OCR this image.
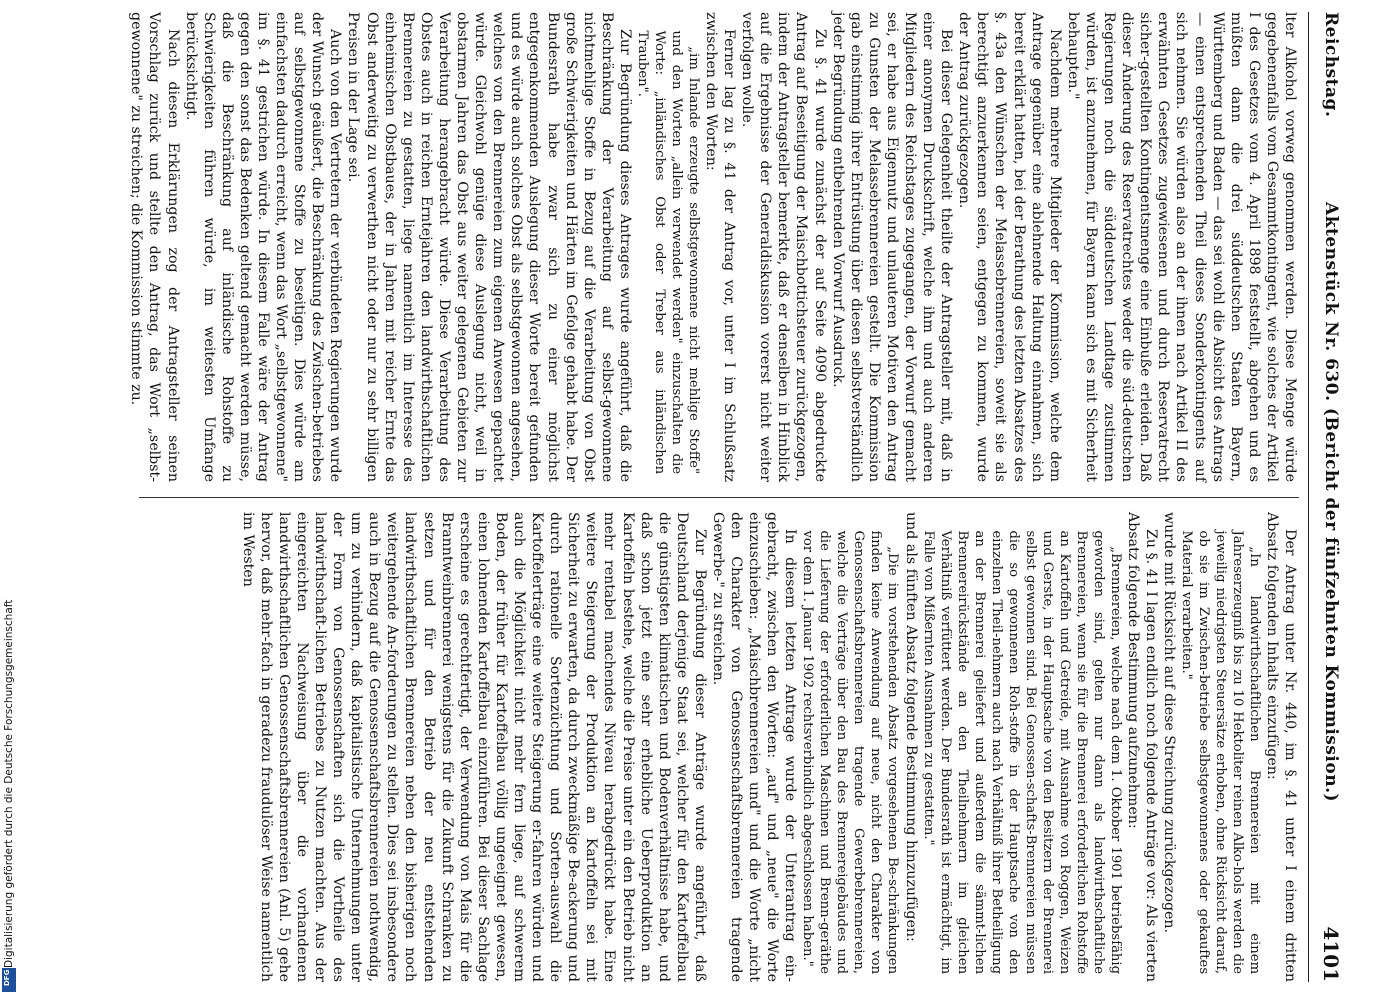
DFG
Digitalisierung gefördert durch die Deutsche Forschungsgemeinschaft
Reichstag.
Aktenstück Nr. 630. (Bericht der fünfzehnten Kommission.)
4101

lter Alkohol vorweg genommen werden. Diese Menge würde gegebenenfalls vom Gesammtkontingent, wie solches der Artikel I des Gesetzes vom 4. April 1898 feststellt, abgehen und es müßten dann die drei süddeutschen Staaten Bayern, Württemberg und Baden — das sei wohl die Absicht des Antrags — einen entsprechenden Theil dieses Sonderkontingents auf sich nehmen. Sie würden also an der ihnen nach Artikel II des erwähnten Gesetzes zugewiesenen und durch Reservatrecht sicher-gestellten Kontingentsmenge eine Einbuße erleiden. Daß dieser Änderung des Reservatrechtes weder die süd-deutschen Regierungen noch die süddeutschen Landtage zustimmen würden, ist anzunehmen, für Bayern kann sich es mit Sicherheit behaupten."

Nachdem mehrere Mitglieder der Kommission, welche dem Antrage gegenüber eine ablehnende Haltung einnahmen, sich bereit erklärt hatten, bei der Berathung des letzten Absatzes des §. 43a den Wünschen der Melassebrennereien, soweit sie als berechtigt anzuerkennen seien, entgegen zu kommen, wurde der Antrag zurückgezogen.

Bei dieser Gelegenheit theilte der Antragsteller mit, daß in einer anonymen Druckschrift, welche ihm und auch anderen Mitgliedern des Reichstages zugegangen, der Vorwurf gemacht sei, er habe aus Eigennutz und unlauteren Motiven den Antrag zu Gunsten der Melassebrennereien gestellt. Die Kommission gab einstimmig ihrer Entrüstung über diesen selbstverständlich jeder Begründung entbehrenden Vorwurf Ausdruck.

Zu §. 41 wurde zunächst der auf Seite 4090 abgedruckte Antrag auf Beseitigung der Maischbottichsteuer zurückgezogen, indem der Antragsteller bemerkte, daß er denselben in Hinblick auf die Ergebnisse der Generaldiskussion vorerst nicht weiter verfolgen wolle.

Ferner lag zu §. 41 der Antrag vor, unter I im Schlußsatz zwischen den Worten:

„im Inlande erzeugte selbstgewonnene nicht mehlige Stoffe" und den Worten „allein verwendet werden" einzuschalten die Worte: „inländisches Obst oder Treber aus inländischen Trauben".

Zur Begründung dieses Antrages wurde angeführt, daß die Beschränkung der Verarbeitung auf selbst-gewonnene nichtmehlige Stoffe in Bezug auf die Verarbeitung von Obst große Schwierigkeiten und Härten im Gefolge gehabt habe. Der Bundesrath habe zwar sich zu einer möglichst entgegenkommenden Auslegung dieser Worte bereit gefunden und es würde auch solches Obst als selbstgewonnen angesehen, welches von den Brennereien zum eigenen Anwesen gepachtet würde. Gleichwohl genüge diese Auslegung nicht, weil in obstarmen Jahren das Obst aus weiter gelegenen Gebieten zur Verarbeitung herangebracht würde. Diese Verarbeitung des Obstes auch in reichen Erntejahren den landwirthschaftlichen Brennereien zu gestatten, liege namentlich im Interesse des einheimischen Obstbaues, der in Jahren mit reicher Ernte das Obst anderweitig zu verwerthen nicht oder nur zu sehr billigen Preisen in der Lage sei.

Auch von den Vertretern der verbündeten Regierungen wurde der Wunsch geäußert, die Beschränkung des Zwischen-betriebes auf selbstgewonnene Stoffe zu beseitigen. Dies würde am einfachsten dadurch erreicht, wenn das Wort „selbstgewonnene" im §. 41 gestrichen würde. In diesem Falle wäre der Antrag gegen den sonst das Bedenken geltend gemacht werden müsse, daß die Beschränkung auf inländische Rohstoffe zu Schwierigkeiten führen würde, im weitesten Umfange berücksichtigt.

Nach diesen Erklärungen zog der Antragsteller seinen Vorschlag zurück und stellte den Antrag, das Wort „selbst-gewonnene" zu streichen; die Kommission stimmte zu.

Der Antrag unter Nr. 440, im §. 41 unter I einem dritten Absatz folgenden Inhalts einzufügen:

„In landwirthschaftlichen Brennereien mit einem Jahreserzeugniß bis zu 10 Hektoliter reinen Alko-hols werden die jeweilig niedrigsten Steuersätze erhoben, ohne Rücksicht darauf, ob sie im Zwischen-betriebe selbstgewonnenes oder gekauftes Material verarbeiten."

wurde mit Rücksicht auf diese Streichung zurückgezogen.

Zu §. 41 I lagen endlich noch folgende Anträge vor: Als vierten Absatz folgende Bestimmung aufzunehmen:

„Brennereien, welche nach dem 1. Oktober 1901 betriebsfähig geworden sind, gelten nur dann als landwirthschaftliche Brennereien, wenn sie für die Brennerei erforderlichen Rohstoffe an Kartoffeln und Getreide, mit Ausnahme von Roggen, Weizen und Gerste, in der Hauptsache von den Besitzern der Brennerei selbst gewonnen sind. Bei Genossen-schafts-Brennereien müssen die so gewonnenen Roh-stoffe in der Hauptsache von den einzelnen Theil-nehmern auch nach Verhältniß ihrer Betheiligung an der Brennerei geliefert und außerdem die sämmt-lichen Brennereirückstände an den Theilnehmern im gleichen Verhältniß verfüttert werden. Der Bundesrath ist ermächtigt, im Falle von Mißernten Ausnahmen zu gestatten."

und als fünften Absatz folgende Bestimmung hinzuzufügen:

„Die im vorstehenden Absatz vorgesehenen Be-schränkungen finden keine Anwendung auf neue, nicht den Charakter von Genossenschaftsbrennereien tragende Gewerbebrennereien, welche die Verträge über den Bau des Brennereigebäudes und die Lieferung der erforderlichen Maschinen und Brenn-geräthe vor dem 1. Januar 1902 rechtsverbindlich abgeschlossen haben."

In diesem letzten Antrage wurde der Unterantrag ein-gebracht, zwischen den Worten: „auf" und „neue" die Worte einzuschieben: „Maischbrennereien und" und die Worte „nicht den Charakter von Genossenschaftsbrennereien tragende Gewerbe-" zu streichen.

Zur Begründung dieser Anträge wurde angeführt, daß Deutschland derjenige Staat sei, welcher für den Kartoffelbau die günstigsten klimatischen und Bodenverhältnisse habe, und daß schon jetzt eine sehr erhebliche Ueberproduktion an Kartoffeln bestehe, welche die Preise unter ein den Betrieb nicht mehr rentabel machendes Niveau herabgedrückt habe. Eine weitere Steigerung der Produktion an Kartoffeln sei mit Sicherheit zu erwarten, da durch zweckmäßige Be-ackerung und durch rationelle Sortenzüchtung und Sorten-auswahl die Kartoffelerträge eine weitere Steigerung er-fahren würden und auch die Möglichkeit nicht mehr fern liege, auf schwerem Boden, der früher für Kartoffelbau völlig ungeeignet gewesen, einen lohnenden Kartoffelbau einzuführen. Bei dieser Sachlage erscheine es gerechtfertigt, der Verwendung von Mais für die Branntweinbrennerei wenigstens für die Zukunft Schranken zu setzen und für den Betrieb der neu entstehenden landwirthschaftlichen Brennereien neben den bisherigen noch weitergehende An-forderungen zu stellen. Dies sei insbesondere auch in Bezug auf die Genossenschaftsbrennereien nothwendig, um zu verhindern, daß kapitalistische Unternehmungen unter der Form von Genossenschaften sich die Vortheile des landwirthschaft-lichen Betriebes zu Nutzen machten. Aus der eingereichten Nachweisung über die vorhandenen landwirthschaftlichen Genossenschaftsbrennereien (Anl. 5) gehe hervor, daß mehr-fach in geradezu fraudulöser Weise namentlich im Westen
